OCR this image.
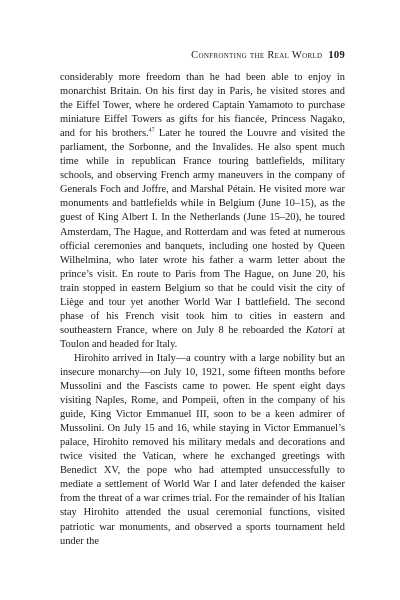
Confronting the Real World 109

considerably more freedom than he had been able to enjoy in monarchist Britain. On his first day in Paris, he visited stores and the Eiffel Tower, where he ordered Captain Yamamoto to purchase miniature Eiffel Towers as gifts for his fiancée, Princess Nagako, and for his brothers.$^{47}$ Later he toured the Louvre and visited the parliament, the Sorbonne, and the Invalides. He also spent much time while in republican France touring battlefields, military schools, and observing French army maneuvers in the company of Generals Foch and Joffre, and Marshal Pétain. He visited more war monuments and battlefields while in Belgium (June 10–15), as the guest of King Albert I. In the Netherlands (June 15–20), he toured Amsterdam, The Hague, and Rotterdam and was feted at numerous official ceremonies and banquets, including one hosted by Queen Wilhelmina, who later wrote his father a warm letter about the prince’s visit. En route to Paris from The Hague, on June 20, his train stopped in eastern Belgium so that he could visit the city of Liège and tour yet another World War I battlefield. The second phase of his French visit took him to cities in eastern and southeastern France, where on July 8 he reboarded the Katori at Toulon and headed for Italy.

Hirohito arrived in Italy—a country with a large nobility but an insecure monarchy—on July 10, 1921, some fifteen months before Mussolini and the Fascists came to power. He spent eight days visiting Naples, Rome, and Pompeii, often in the company of his guide, King Victor Emmanuel III, soon to be a keen admirer of Mussolini. On July 15 and 16, while staying in Victor Emmanuel’s palace, Hirohito removed his military medals and decorations and twice visited the Vatican, where he exchanged greetings with Benedict XV, the pope who had attempted unsuccessfully to mediate a settlement of World War I and later defended the kaiser from the threat of a war crimes trial. For the remainder of his Italian stay Hirohito attended the usual ceremonial functions, visited patriotic war monuments, and observed a sports tournament held under the
